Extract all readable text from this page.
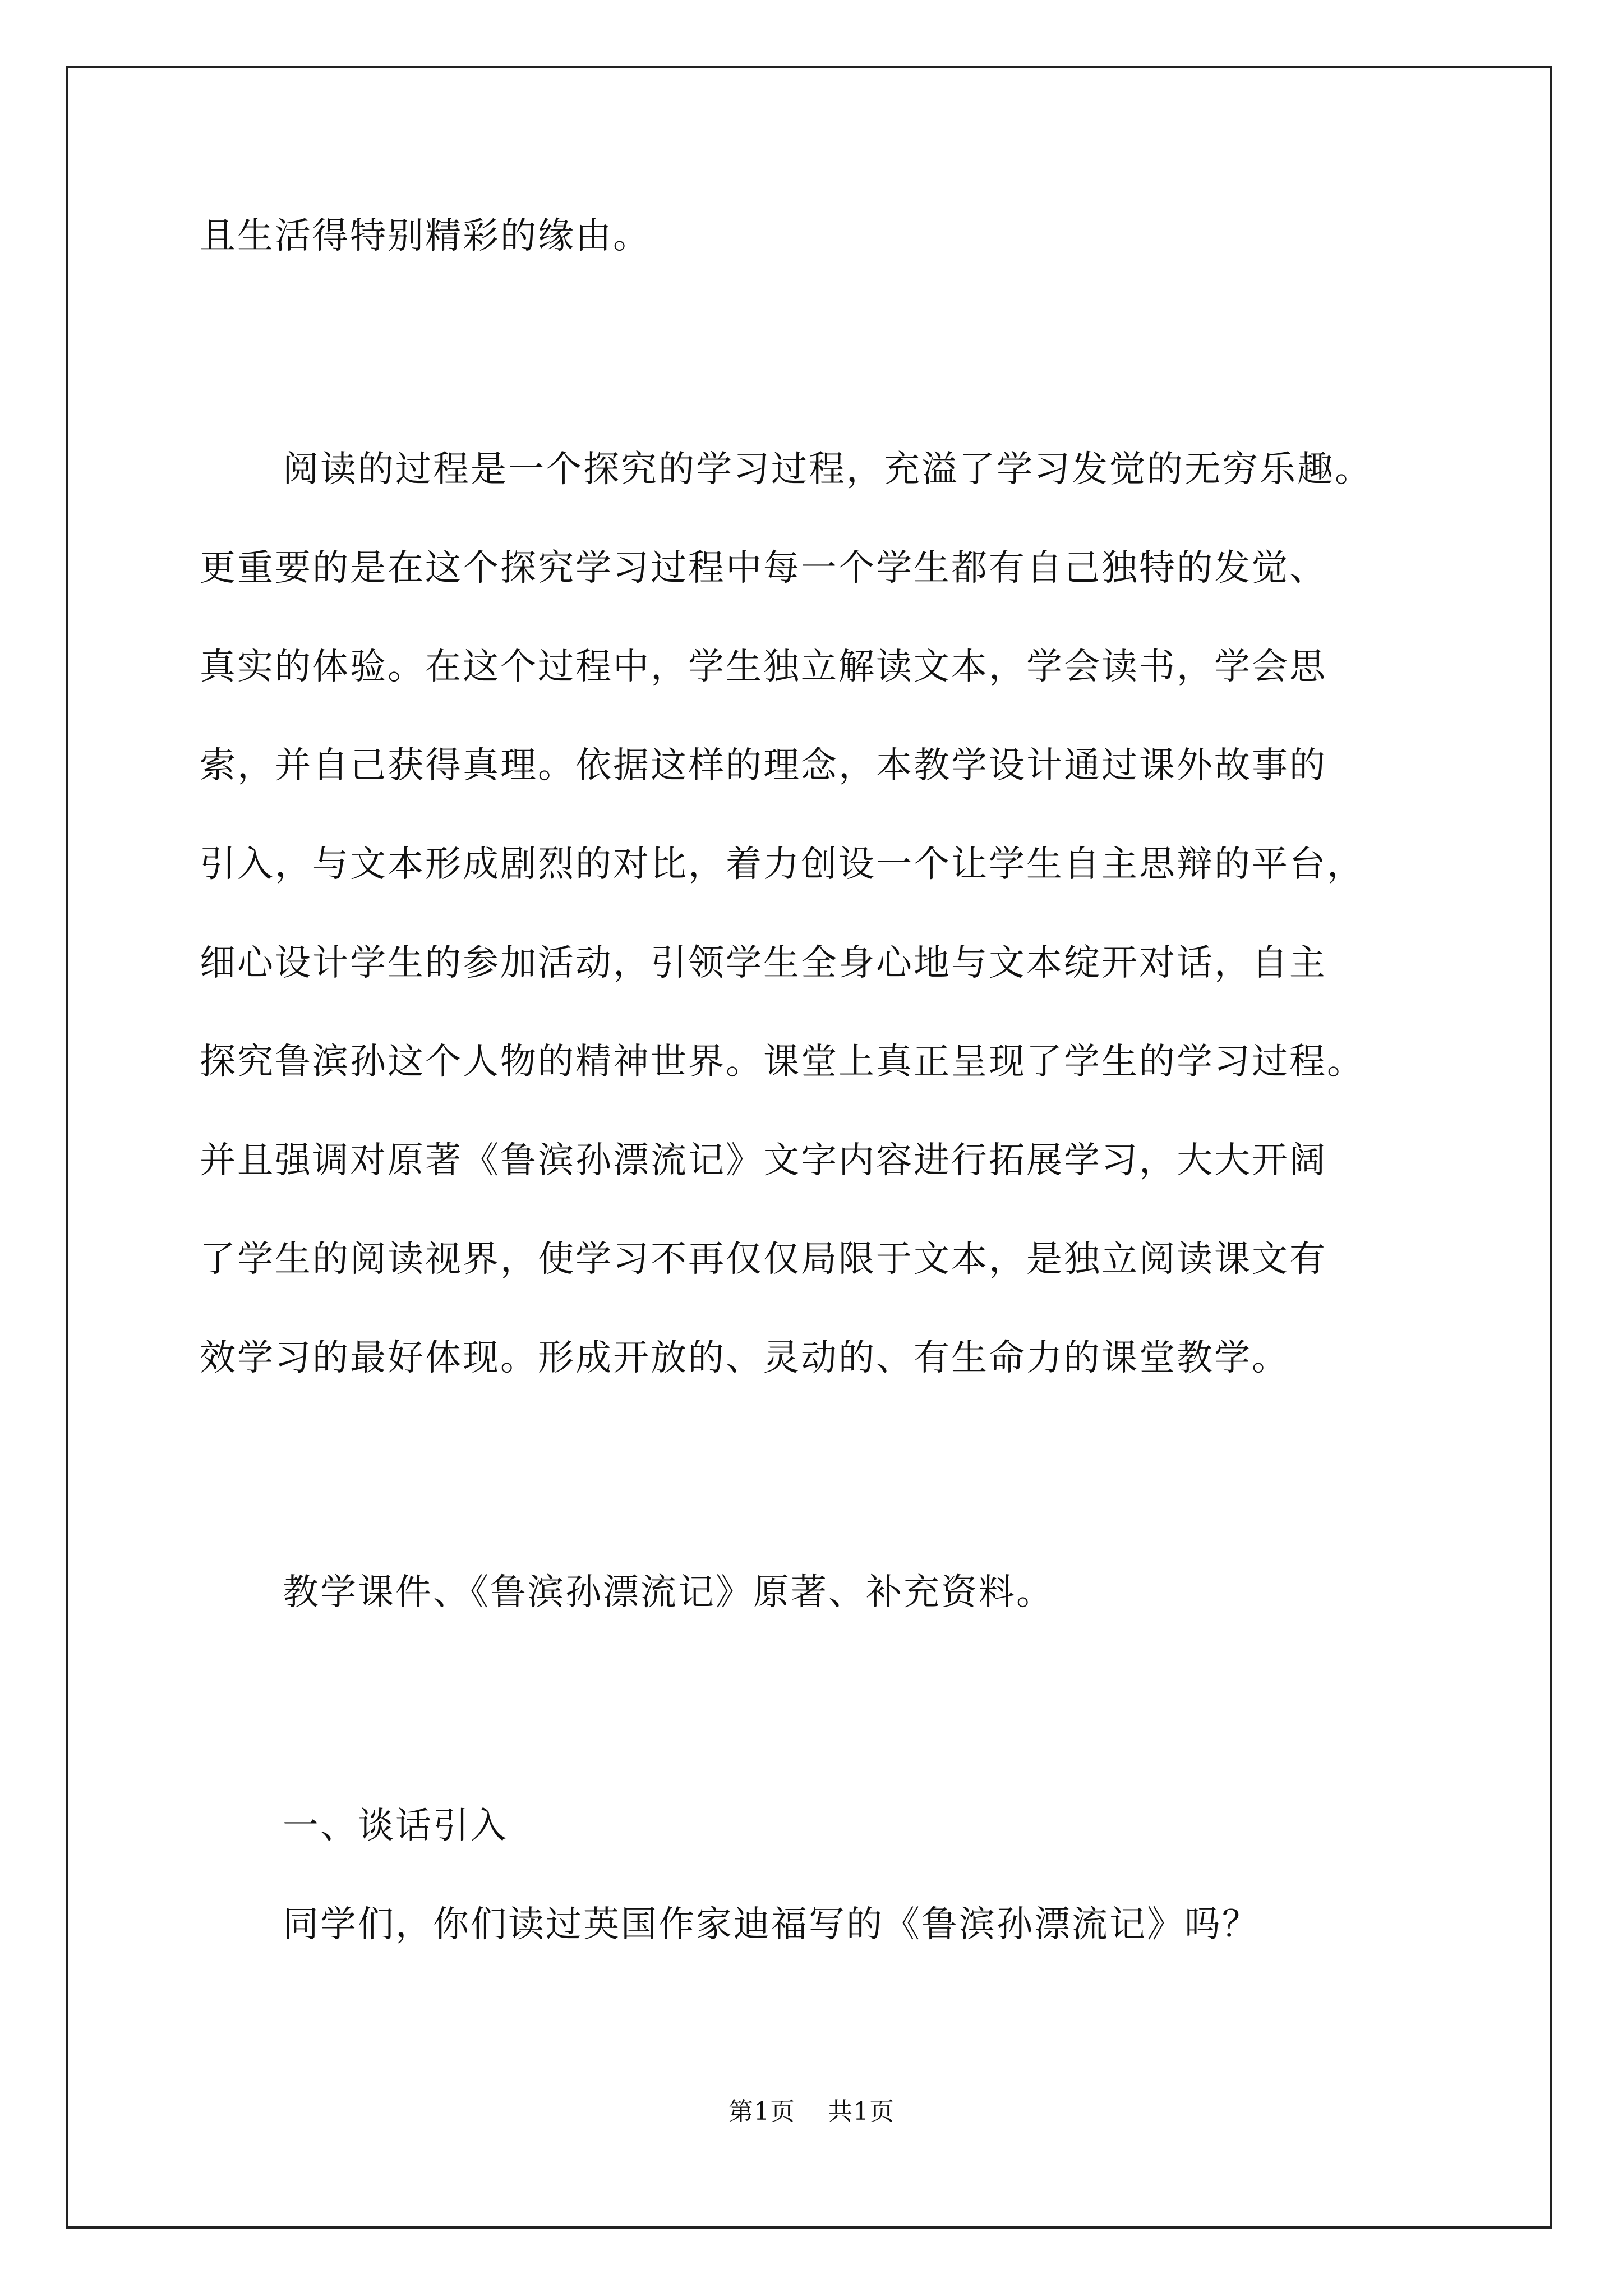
且生活得特别精彩的缘由。
阅读的过程是一个探究的学习过程，充溢了学习发觉的无穷乐趣。
更重要的是在这个探究学习过程中每一个学生都有自己独特的发觉、
真实的体验。在这个过程中，学生独立解读文本，学会读书，学会思
索，并自己获得真理。依据这样的理念，本教学设计通过课外故事的
引入，与文本形成剧烈的对比，着力创设一个让学生自主思辩的平台，
细心设计学生的参加活动，引领学生全身心地与文本绽开对话，自主
探究鲁滨孙这个人物的精神世界。课堂上真正呈现了学生的学习过程。
并且强调对原著《鲁滨孙漂流记》文字内容进行拓展学习，大大开阔
了学生的阅读视界，使学习不再仅仅局限于文本，是独立阅读课文有
效学习的最好体现。形成开放的、灵动的、有生命力的课堂教学。
教学课件、《鲁滨孙漂流记》原著、补充资料。
一、谈话引入
同学们，你们读过英国作家迪福写的《鲁滨孙漂流记》吗？
第1页 共1页
